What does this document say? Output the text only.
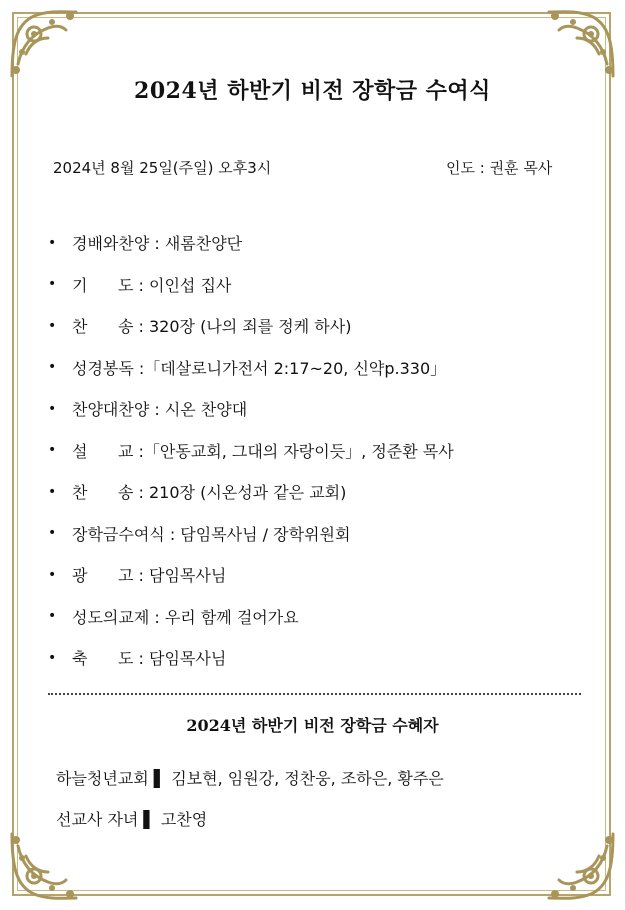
2024년 하반기 비전 장학금 수여식
2024년 8월 25일(주일) 오후3시	인도 : 권훈 목사
• 경배와찬양 : 새롬찬양단
• 기      도 : 이인섭 집사
• 찬      송 : 320장 (나의 죄를 정케 하사)
• 성경봉독 :「데살로니가전서 2:17~20, 신약p.330」
• 찬양대찬양 : 시온 찬양대
• 설      교 :「안동교회, 그대의 자랑이듯」, 정준환 목사
• 찬      송 : 210장 (시온성과 같은 교회)
• 장학금수여식 : 담임목사님 / 장학위원회
• 광      고 : 담임목사님
• 성도의교제 : 우리 함께 걸어가요
• 축      도 : 담임목사님
2024년 하반기 비전 장학금 수혜자
하늘청년교회 ▌ 김보현, 임원강, 정찬웅, 조하은, 황주은
선교사 자녀 ▌ 고찬영
